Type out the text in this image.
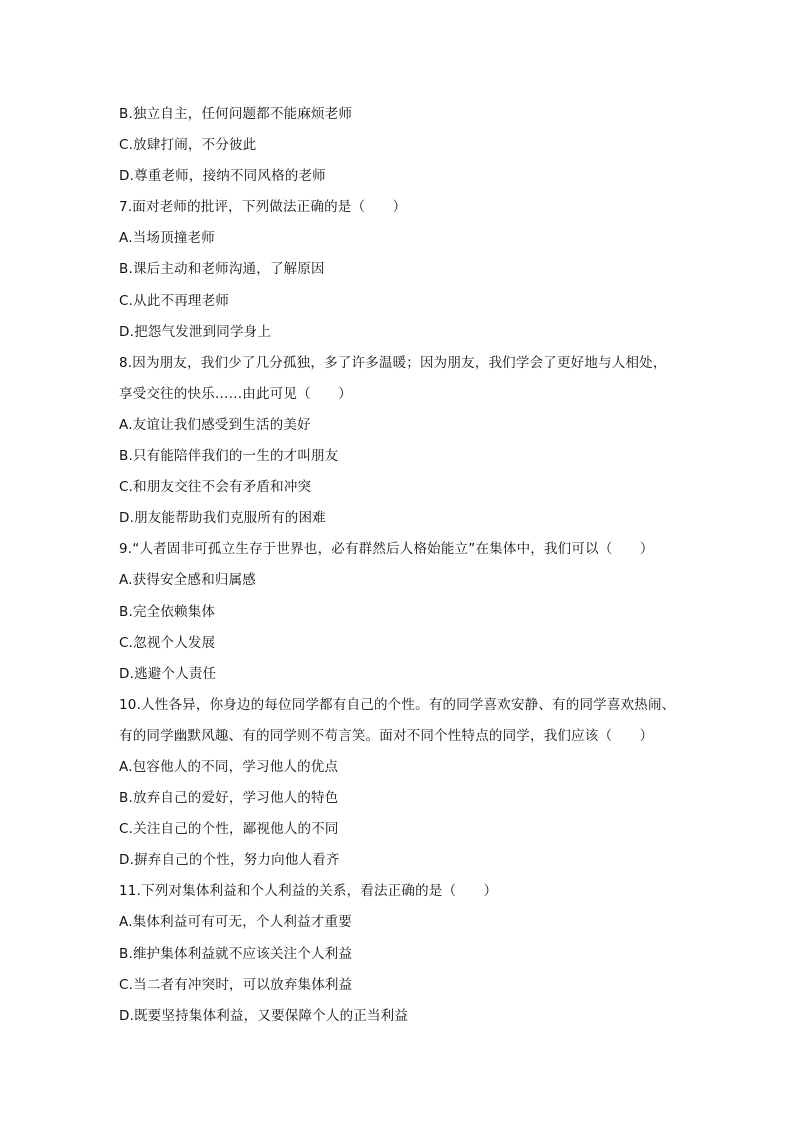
B.独立自主，任何问题都不能麻烦老师
C.放肆打闹，不分彼此
D.尊重老师，接纳不同风格的老师
7.面对老师的批评，下列做法正确的是（　　）
A.当场顶撞老师
B.课后主动和老师沟通，了解原因
C.从此不再理老师
D.把怨气发泄到同学身上
8.因为朋友，我们少了几分孤独，多了许多温暖；因为朋友，我们学会了更好地与人相处，
享受交往的快乐……由此可见（　　）
A.友谊让我们感受到生活的美好
B.只有能陪伴我们的一生的才叫朋友
C.和朋友交往不会有矛盾和冲突
D.朋友能帮助我们克服所有的困难
9.“人者固非可孤立生存于世界也，必有群然后人格始能立”在集体中，我们可以（　　）
A.获得安全感和归属感
B.完全依赖集体
C.忽视个人发展
D.逃避个人责任
10.人性各异，你身边的每位同学都有自己的个性。有的同学喜欢安静、有的同学喜欢热闹、
有的同学幽默风趣、有的同学则不苟言笑。面对不同个性特点的同学，我们应该（　　）
A.包容他人的不同，学习他人的优点
B.放弃自己的爱好，学习他人的特色
C.关注自己的个性，鄙视他人的不同
D.摒弃自己的个性，努力向他人看齐
11.下列对集体利益和个人利益的关系，看法正确的是（　　）
A.集体利益可有可无，个人利益才重要
B.维护集体利益就不应该关注个人利益
C.当二者有冲突时，可以放弃集体利益
D.既要坚持集体利益，又要保障个人的正当利益
